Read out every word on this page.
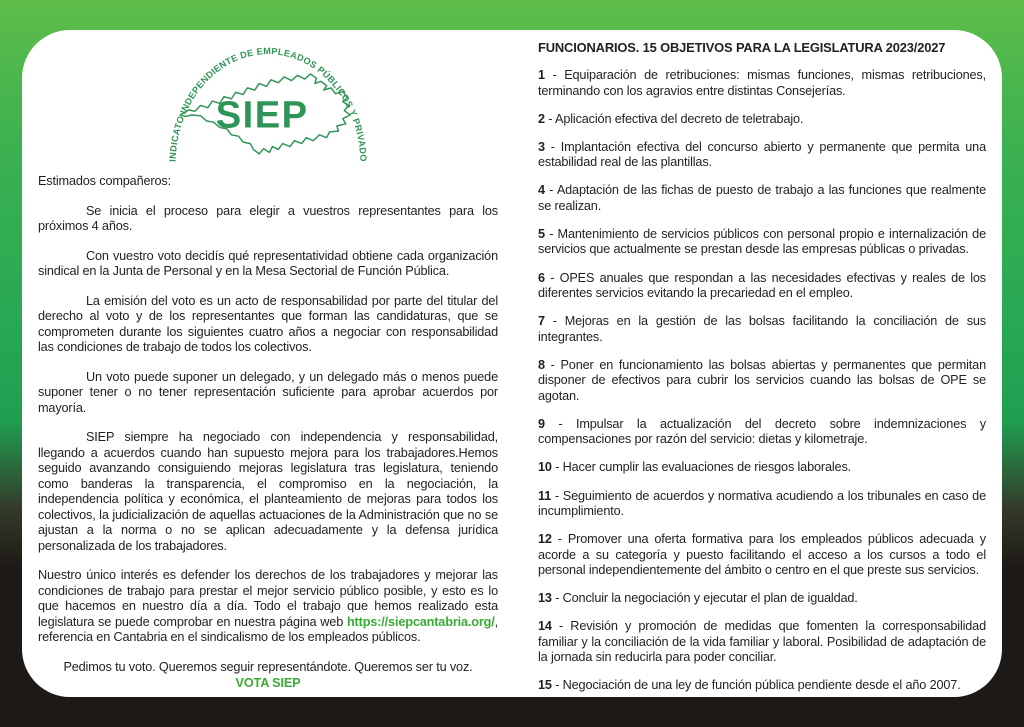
SINDICATO INDEPENDIENTE DE EMPLEADOS PÚBLICOS Y PRIVADOS
SIEP

Estimados compañeros:

Se inicia el proceso para elegir a vuestros representantes para los próximos 4 años.

Con vuestro voto decidís qué representatividad obtiene cada organización sindical en la Junta de Personal y en la Mesa Sectorial de Función Pública.

La emisión del voto es un acto de responsabilidad por parte del titular del derecho al voto y de los representantes que forman las candidaturas, que se comprometen durante los siguientes cuatro años a negociar con responsabilidad las condiciones de trabajo de todos los colectivos.

Un voto puede suponer un delegado, y un delegado más o menos puede suponer tener o no tener representación suficiente para aprobar acuerdos por mayoría.

SIEP siempre ha negociado con independencia y responsabilidad, llegando a acuerdos cuando han supuesto mejora para los trabajadores.Hemos seguido avanzando consiguiendo mejoras legislatura tras legislatura, teniendo como banderas la transparencia, el compromiso en la negociación, la independencia política y económica, el planteamiento de mejoras para todos los colectivos, la judicialización de aquellas actuaciones de la Administración que no se ajustan a la norma o no se aplican adecuadamente y la defensa jurídica personalizada de los trabajadores.

Nuestro único interés es defender los derechos de los trabajadores y mejorar las condiciones de trabajo para prestar el mejor servicio público posible, y esto es lo que hacemos en nuestro día a día. Todo el trabajo que hemos realizado esta legislatura se puede comprobar en nuestra página web https://siepcantabria.org/, referencia en Cantabria en el sindicalismo de los empleados públicos.

Pedimos tu voto. Queremos seguir representándote. Queremos ser tu voz.

VOTA SIEP

FUNCIONARIOS. 15 OBJETIVOS PARA LA LEGISLATURA 2023/2027

1 - Equiparación de retribuciones: mismas funciones, mismas retribuciones, terminando con los agravios entre distintas Consejerías.

2 - Aplicación efectiva del decreto de teletrabajo.

3 - Implantación efectiva del concurso abierto y permanente que permita una estabilidad real de las plantillas.

4 - Adaptación de las fichas de puesto de trabajo a las funciones que realmente se realizan.

5 - Mantenimiento de servicios públicos con personal propio e internalización de servicios que actualmente se prestan desde las empresas públicas o privadas.

6 - OPES anuales que respondan a las necesidades efectivas y reales de los diferentes servicios evitando la precariedad en el empleo.

7 - Mejoras en la gestión de las bolsas facilitando la conciliación de sus integrantes.

8 - Poner en funcionamiento las bolsas abiertas y permanentes que permitan disponer de efectivos para cubrir los servicios cuando las bolsas de OPE se agotan.

9 - Impulsar la actualización del decreto sobre indemnizaciones y compensaciones por razón del servicio: dietas y kilometraje.

10 - Hacer cumplir las evaluaciones de riesgos laborales.

11 - Seguimiento de acuerdos y normativa acudiendo a los tribunales en caso de incumplimiento.

12 - Promover una oferta formativa para los empleados públicos adecuada y acorde a su categoría y puesto facilitando el acceso a los cursos a todo el personal independientemente del ámbito o centro en el que preste sus servicios.

13 - Concluir la negociación y ejecutar el plan de igualdad.

14 - Revisión y promoción de medidas que fomenten la corresponsabilidad familiar y la conciliación de la vida familiar y laboral. Posibilidad de adaptación de la jornada sin reducirla para poder conciliar.

15 - Negociación de una ley de función pública pendiente desde el año 2007.
